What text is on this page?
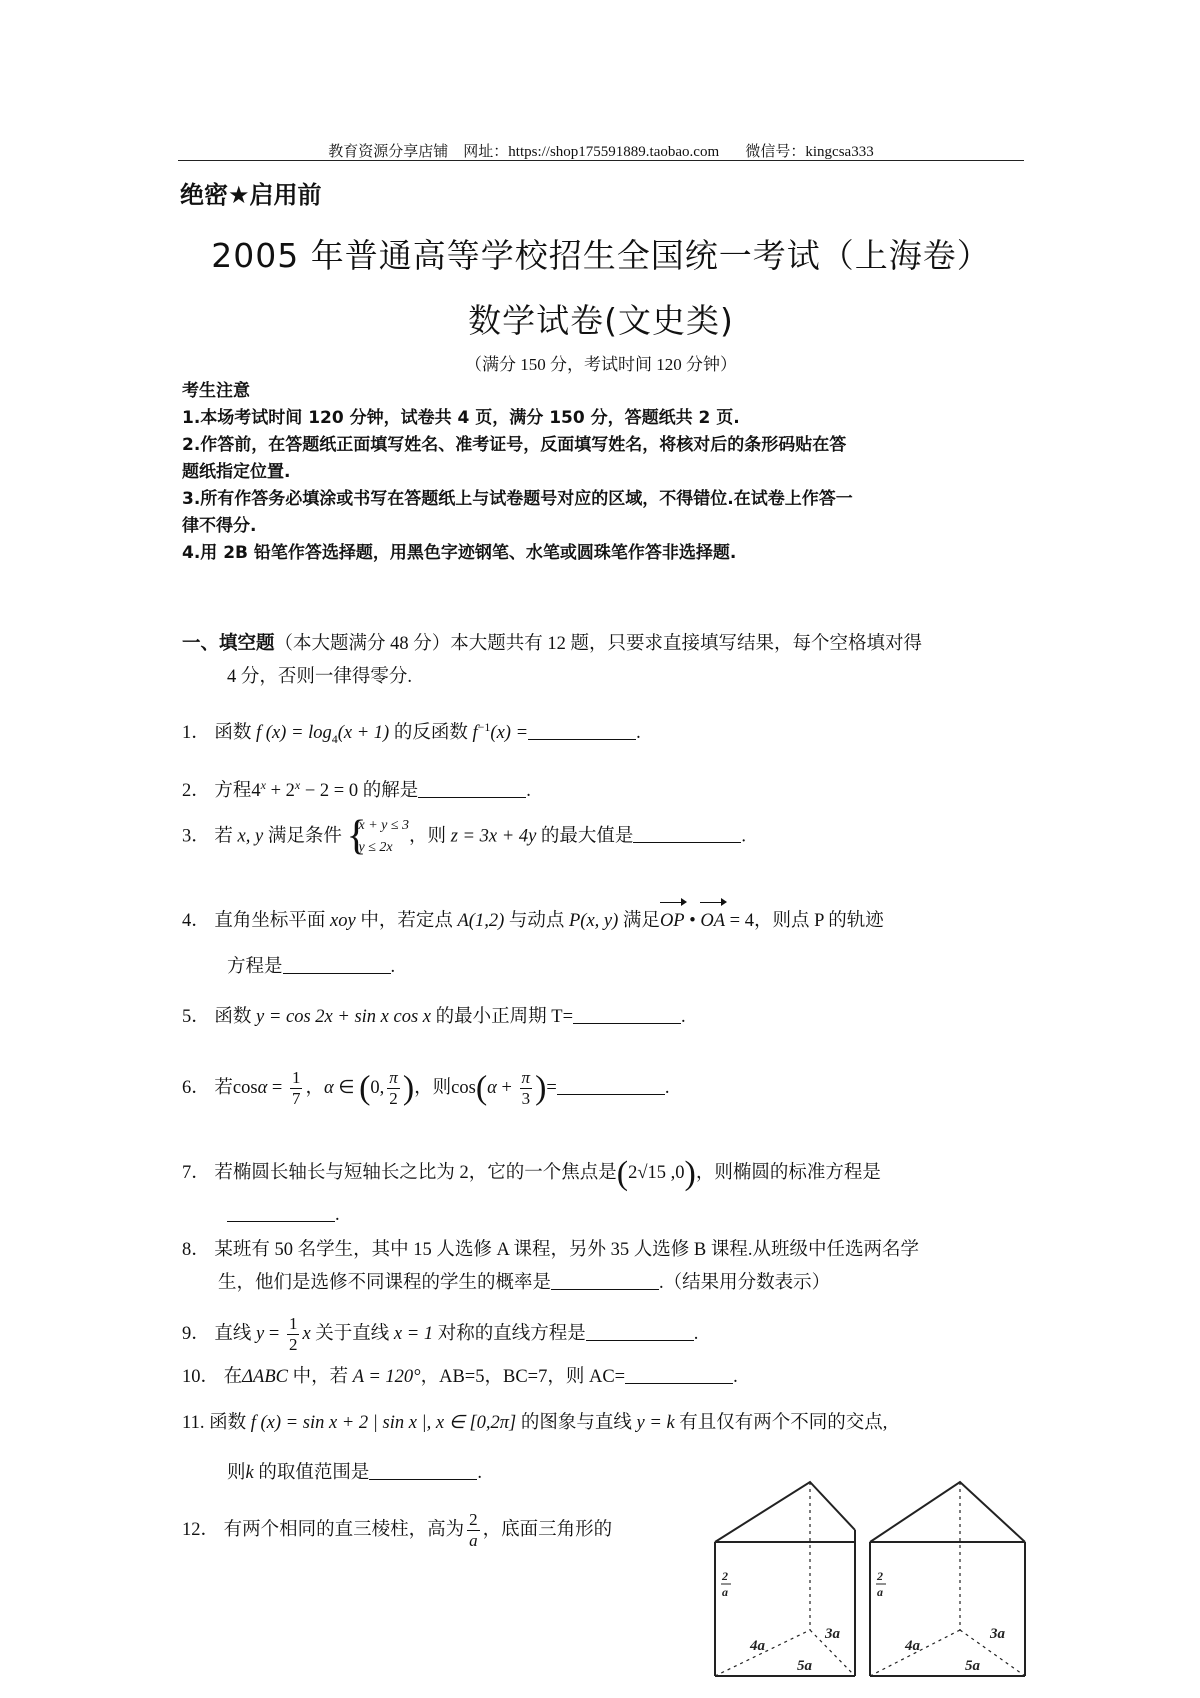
教育资源分享店铺 网址：https://shop175591889.taobao.com 微信号：kingcsa333
绝密★启用前
2005 年普通高等学校招生全国统一考试（上海卷）
数学试卷(文史类)
（满分 150 分，考试时间 120 分钟）
考生注意
1.本场考试时间 120 分钟，试卷共 4 页，满分 150 分，答题纸共 2 页.
2.作答前，在答题纸正面填写姓名、准考证号，反面填写姓名，将核对后的条形码贴在答
题纸指定位置.
3.所有作答务必填涂或书写在答题纸上与试卷题号对应的区域，不得错位.在试卷上作答一
律不得分.
4.用 2B 铅笔作答选择题，用黑色字迹钢笔、水笔或圆珠笔作答非选择题.
一、填空题（本大题满分 48 分）本大题共有 12 题，只要求直接填写结果，每个空格填对得
4 分，否则一律得零分.
1． 函数 f $(x) = \log_4(x + 1)$ 的反函数 $f^{-1}(x)$ =	.
2． 方程$4^x + 2^x - 2 = 0$ 的解是	.
3． 若 x, y 满足条件 {
x + y ≤ 3
y ≤ 2x
，则 z = 3x + 4y 的最大值是	.
4． 直角坐标平面 xoy 中，若定点 A(1,2) 与动点 P(x, y) 满足OP • OA = 4，则点 P 的轨迹
方程是	.
5． 函数 y = cos 2x + sin x cos x 的最小正周期 T=	.
6． 若$\cos\alpha = \frac{1}{7}$ ，α ∈ (0, $\frac{\pi}{2}$ )，则$\cos(\alpha + \frac{\pi}{3}$ )=	.
7． 若椭圆长轴长与短轴长之比为 2，它的一个焦点是(2√15 ,0)，则椭圆的标准方程是
.
8． 某班有 50 名学生，其中 15 人选修 A 课程，另外 35 人选修 B 课程.从班级中任选两名学
生，他们是选修不同课程的学生的概率是	.（结果用分数表示）
9． 直线 $y = \frac{1}{2}$ x 关于直线 x = 1 对称的直线方程是	.
10． 在ΔABC 中，若 A = 120°，AB=5，BC=7，则 AC=	.
11. 函数 f (x) = sin x + 2 | sin x |, x ∈ [0,2π] 的图象与直线 y = k 有且仅有两个不同的交点,
则k 的取值范围是	.
12． 有两个相同的直三棱柱，高为 $\frac{2}{a}$ ，底面三角形的
2
a
4a
3a
5a
2
a
4a
3a
5a
